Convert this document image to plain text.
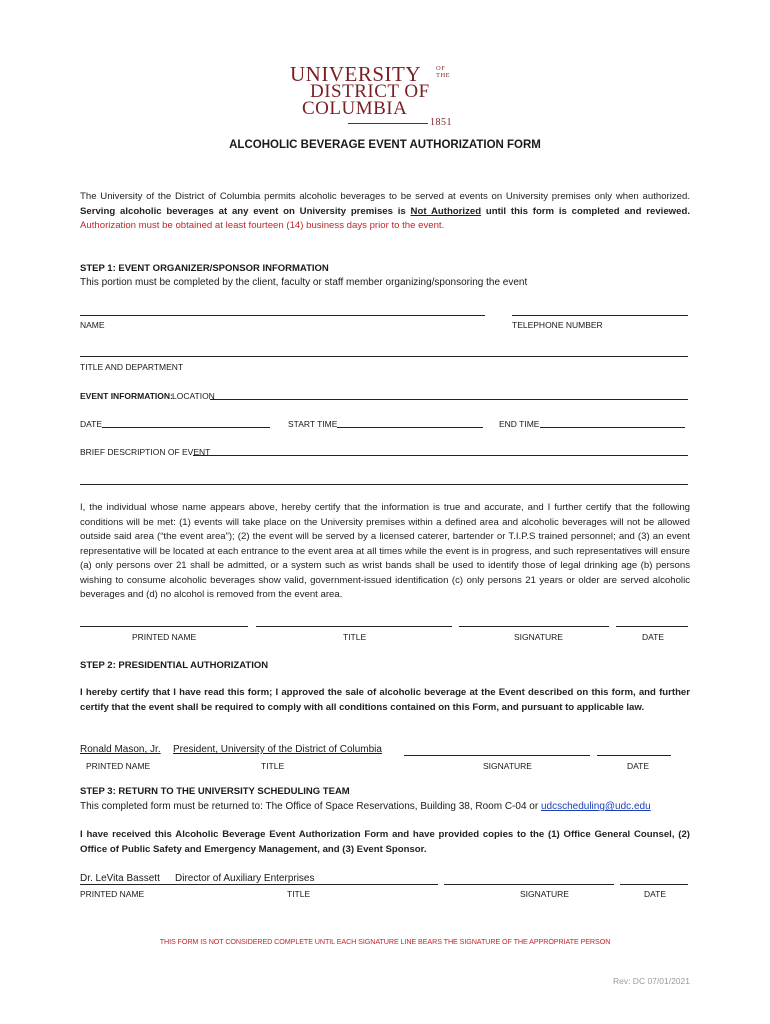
UNIVERSITY OF THE
DISTRICT OF
COLUMBIA
1851
ALCOHOLIC BEVERAGE EVENT AUTHORIZATION FORM
The University of the District of Columbia permits alcoholic beverages to be served at events on University premises only when authorized. Serving alcoholic beverages at any event on University premises is Not Authorized until this form is completed and reviewed. Authorization must be obtained at least fourteen (14) business days prior to the event.
STEP 1: EVENT ORGANIZER/SPONSOR INFORMATION
This portion must be completed by the client, faculty or staff member organizing/sponsoring the event
NAME	TELEPHONE NUMBER
TITLE AND DEPARTMENT
EVENT INFORMATION: LOCATION
DATE	START TIME	END TIME
BRIEF DESCRIPTION OF EVENT
I, the individual whose name appears above, hereby certify that the information is true and accurate, and I further certify that the following conditions will be met: (1) events will take place on the University premises within a defined area and alcoholic beverages will not be allowed outside said area (“the event area”); (2) the event will be served by a licensed caterer, bartender or T.I.P.S trained personnel; and (3) an event representative will be located at each entrance to the event area at all times while the event is in progress, and such representatives will ensure (a) only persons over 21 shall be admitted, or a system such as wrist bands shall be used to identify those of legal drinking age (b) persons wishing to consume alcoholic beverages show valid, government-issued identification (c) only persons 21 years or older are served alcoholic beverages and (d) no alcohol is removed from the event area.
PRINTED NAME	TITLE	SIGNATURE	DATE
STEP 2: PRESIDENTIAL AUTHORIZATION
I hereby certify that I have read this form; I approved the sale of alcoholic beverage at the Event described on this form, and further certify that the event shall be required to comply with all conditions contained on this Form, and pursuant to applicable law.
Ronald Mason, Jr. President, University of the District of Columbia
PRINTED NAME	TITLE	SIGNATURE	DATE
STEP 3: RETURN TO THE UNIVERSITY SCHEDULING TEAM
This completed form must be returned to: The Office of Space Reservations, Building 38, Room C-04 or udcscheduling@udc.edu
I have received this Alcoholic Beverage Event Authorization Form and have provided copies to the (1) Office General Counsel, (2) Office of Public Safety and Emergency Management, and (3) Event Sponsor.
Dr. LeVita Bassett Director of Auxiliary Enterprises
PRINTED NAME	TITLE	SIGNATURE	DATE
THIS FORM IS NOT CONSIDERED COMPLETE UNTIL EACH SIGNATURE LINE BEARS THE SIGNATURE OF THE APPROPRIATE PERSON
Rev: DC 07/01/2021
